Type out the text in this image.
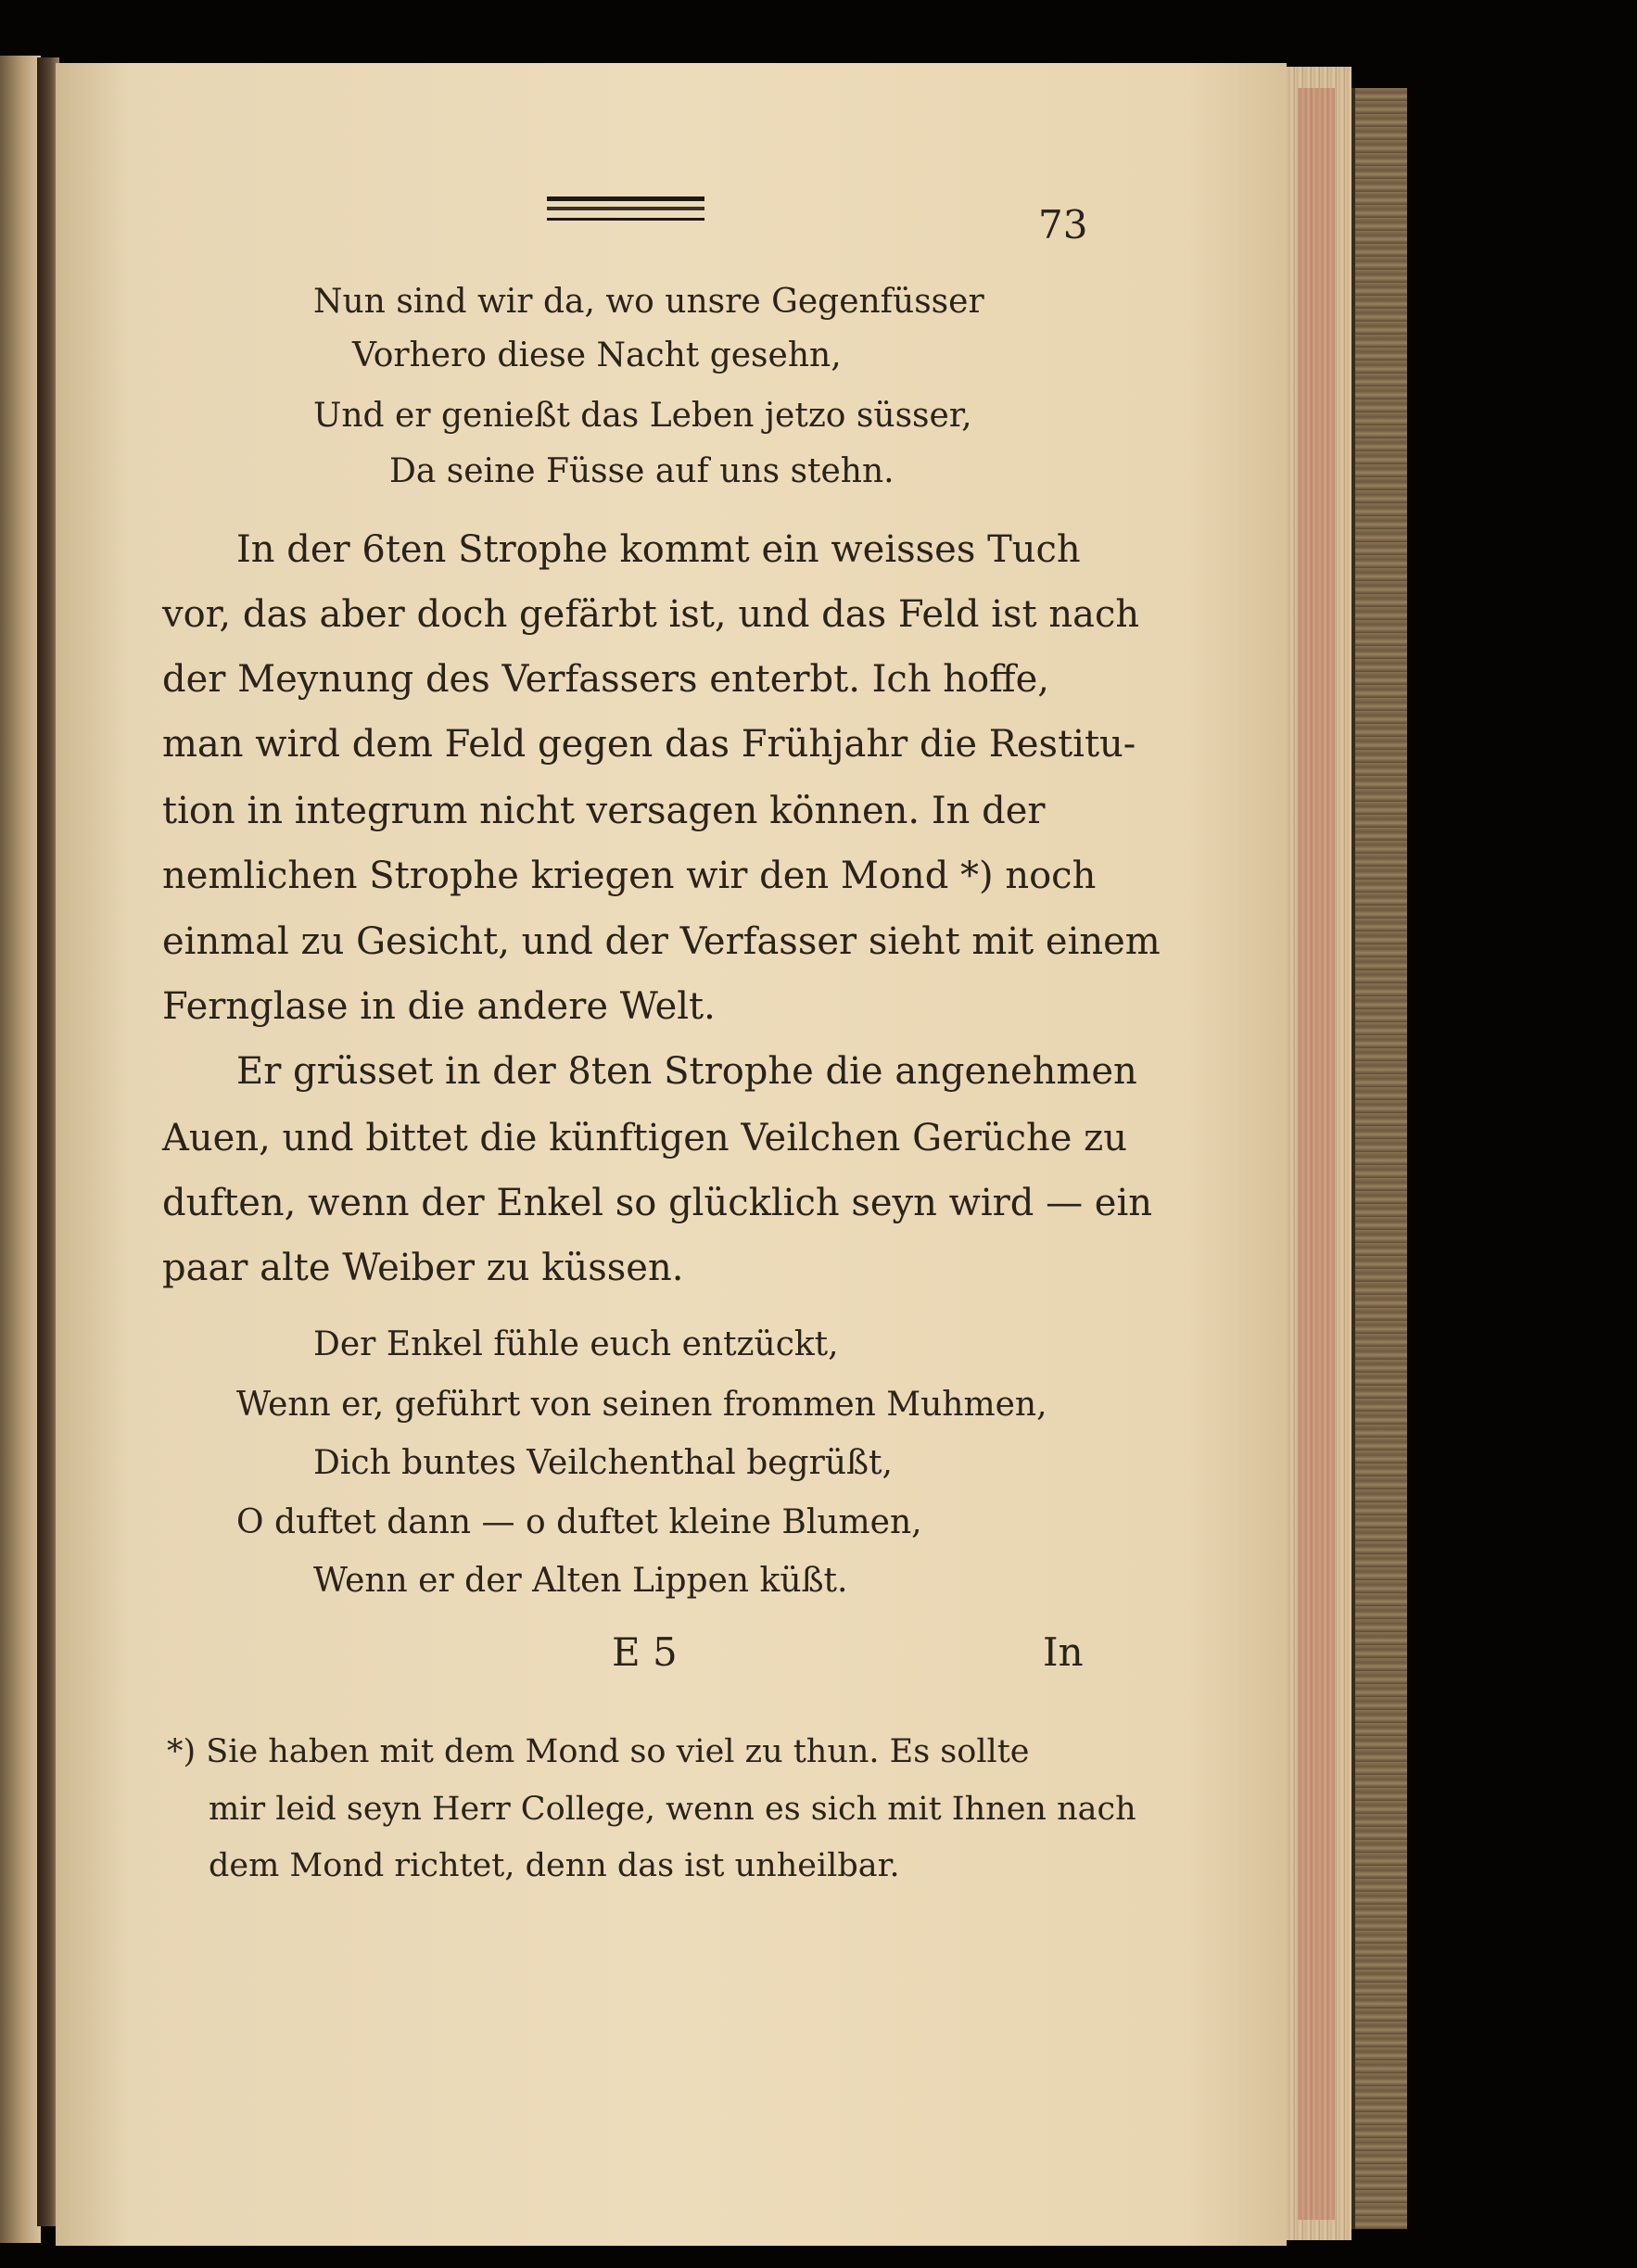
73
Nun sind wir da, wo unsre Gegenfüsser
Vorhero diese Nacht gesehn,
Und er genießt das Leben jetzo süsser,
Da seine Füsse auf uns stehn.
In der 6ten Strophe kommt ein weisses Tuch
vor, das aber doch gefärbt ist, und das Feld ist nach
der Meynung des Verfassers enterbt. Ich hoffe,
man wird dem Feld gegen das Frühjahr die Restitu-
tion in integrum nicht versagen können. In der
nemlichen Strophe kriegen wir den Mond *) noch
einmal zu Gesicht, und der Verfasser sieht mit einem
Fernglase in die andere Welt.
Er grüsset in der 8ten Strophe die angenehmen
Auen, und bittet die künftigen Veilchen Gerüche zu
duften, wenn der Enkel so glücklich seyn wird — ein
paar alte Weiber zu küssen.
Der Enkel fühle euch entzückt,
Wenn er, geführt von seinen frommen Muhmen,
Dich buntes Veilchenthal begrüßt,
O duftet dann — o duftet kleine Blumen,
Wenn er der Alten Lippen küßt.
E 5	In
*) Sie haben mit dem Mond so viel zu thun. Es sollte
mir leid seyn Herr College, wenn es sich mit Ihnen nach
dem Mond richtet, denn das ist unheilbar.
